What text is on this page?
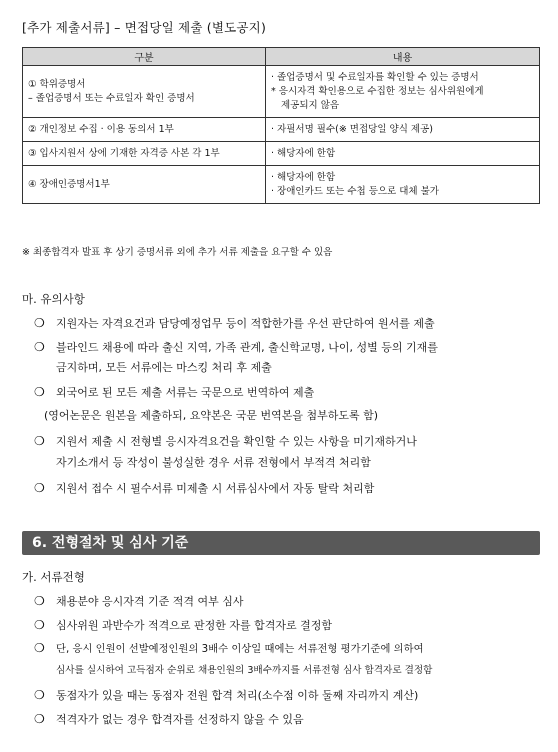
[추가 제출서류] – 면접당일 제출 (별도공지)
구분	내용

① 학위증명서
– 졸업증명서 또는 수료일자 확인 증명서	· 졸업증명서 및 수료일자를 확인할 수 있는 증명서
* 응시자격 확인용으로 수집한 정보는 심사위원에게
제공되지 않음

② 개인정보 수집 · 이용 동의서 1부	· 자필서명 필수(※ 면접당일 양식 제공)

③ 입사지원서 상에 기재한 자격증 사본 각 1부	· 해당자에 한함

④ 장애인증명서1부	· 해당자에 한함
· 장애인카드 또는 수첩 등으로 대체 불가
※ 최종합격자 발표 후 상기 증명서류 외에 추가 서류 제출을 요구할 수 있음
마. 유의사항
❍ 지원자는 자격요건과 담당예정업무 등이 적합한가를 우선 판단하여 원서를 제출
❍ 블라인드 채용에 따라 출신 지역, 가족 관계, 출신학교명, 나이, 성별 등의 기재를
금지하며, 모든 서류에는 마스킹 처리 후 제출
❍ 외국어로 된 모든 제출 서류는 국문으로 번역하여 제출
(영어논문은 원본을 제출하되, 요약본은 국문 번역본을 첨부하도록 함)
❍ 지원서 제출 시 전형별 응시자격요건을 확인할 수 있는 사항을 미기재하거나
자기소개서 등 작성이 불성실한 경우 서류 전형에서 부적격 처리함
❍ 지원서 접수 시 필수서류 미제출 시 서류심사에서 자동 탈락 처리함
6. 전형절차 및 심사 기준
가. 서류전형
❍ 채용분야 응시자격 기준 적격 여부 심사
❍ 심사위원 과반수가 적격으로 판정한 자를 합격자로 결정함
❍ 단, 응시 인원이 선발예정인원의 3배수 이상일 때에는 서류전형 평가기준에 의하여
심사를 실시하여 고득점자 순위로 채용인원의 3배수까지를 서류전형 심사 합격자로 결정함
❍ 동점자가 있을 때는 동점자 전원 합격 처리(소수점 이하 둘째 자리까지 계산)
❍ 적격자가 없는 경우 합격자를 선정하지 않을 수 있음
